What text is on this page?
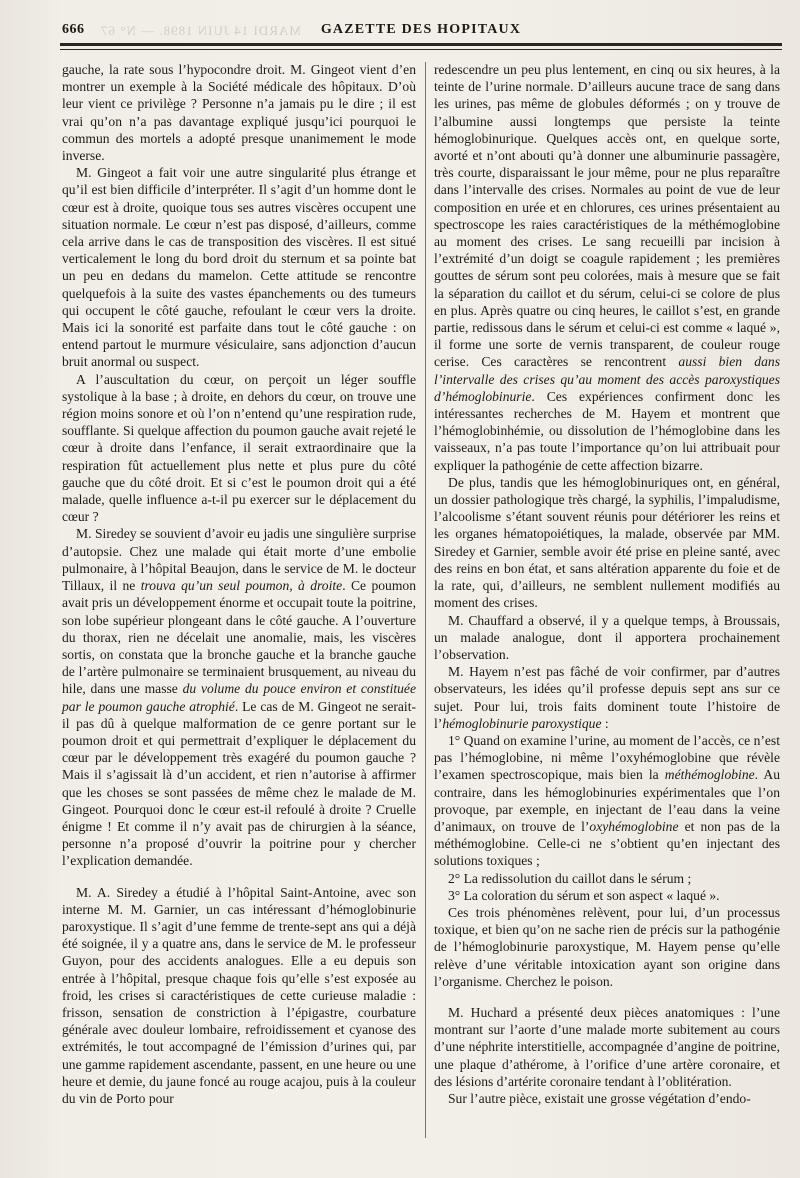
666 MARDI 14 JUIN 1898. — N° 67	GAZETTE DES HOPITAUX

gauche, la rate sous l’hypocondre droit. M. Gingeot vient d’en montrer un exemple à la Société médicale des hôpitaux. D’où leur vient ce privilège ? Personne n’a jamais pu le dire ; il est vrai qu’on n’a pas davantage expliqué jusqu’ici pourquoi le commun des mortels a adopté presque unanimement le mode inverse.

M. Gingeot a fait voir une autre singularité plus étrange et qu’il est bien difficile d’interpréter. Il s’agit d’un homme dont le cœur est à droite, quoique tous ses autres viscères occupent une situation normale. Le cœur n’est pas disposé, d’ailleurs, comme cela arrive dans le cas de transposition des viscères. Il est situé verticalement le long du bord droit du sternum et sa pointe bat un peu en dedans du mamelon. Cette attitude se rencontre quelquefois à la suite des vastes épanchements ou des tumeurs qui occupent le côté gauche, refoulant le cœur vers la droite. Mais ici la sonorité est parfaite dans tout le côté gauche : on entend partout le murmure vésiculaire, sans adjonction d’aucun bruit anormal ou suspect.

A l’auscultation du cœur, on perçoit un léger souffle systolique à la base ; à droite, en dehors du cœur, on trouve une région moins sonore et où l’on n’entend qu’une respiration rude, soufflante. Si quelque affection du poumon gauche avait rejeté le cœur à droite dans l’enfance, il serait extraordinaire que la respiration fût actuellement plus nette et plus pure du côté gauche que du côté droit. Et si c’est le poumon droit qui a été malade, quelle influence a-t-il pu exercer sur le déplacement du cœur ?

M. Siredey se souvient d’avoir eu jadis une singulière surprise d’autopsie. Chez une malade qui était morte d’une embolie pulmonaire, à l’hôpital Beaujon, dans le service de M. le docteur Tillaux, il ne trouva qu’un seul poumon, à droite. Ce poumon avait pris un développement énorme et occupait toute la poitrine, son lobe supérieur plongeant dans le côté gauche. A l’ouverture du thorax, rien ne décelait une anomalie, mais, les viscères sortis, on constata que la bronche gauche et la branche gauche de l’artère pulmonaire se terminaient brusquement, au niveau du hile, dans une masse du volume du pouce environ et constituée par le poumon gauche atrophié. Le cas de M. Gingeot ne serait-il pas dû à quelque malformation de ce genre portant sur le poumon droit et qui permettrait d’expliquer le déplacement du cœur par le développement très exagéré du poumon gauche ? Mais il s’agissait là d’un accident, et rien n’autorise à affirmer que les choses se sont passées de même chez le malade de M. Gingeot. Pourquoi donc le cœur est-il refoulé à droite ? Cruelle énigme ! Et comme il n’y avait pas de chirurgien à la séance, personne n’a proposé d’ouvrir la poitrine pour y chercher l’explication demandée.

M. A. Siredey a étudié à l’hôpital Saint-Antoine, avec son interne M. M. Garnier, un cas intéressant d’hémoglobinurie paroxystique. Il s’agit d’une femme de trente-sept ans qui a déjà été soignée, il y a quatre ans, dans le service de M. le professeur Guyon, pour des accidents analogues. Elle a eu depuis son entrée à l’hôpital, presque chaque fois qu’elle s’est exposée au froid, les crises si caractéristiques de cette curieuse maladie : frisson, sensation de constriction à l’épigastre, courbature générale avec douleur lombaire, refroidissement et cyanose des extrémités, le tout accompagné de l’émission d’urines qui, par une gamme rapidement ascendante, passent, en une heure ou une heure et demie, du jaune foncé au rouge acajou, puis à la couleur du vin de Porto pour

redescendre un peu plus lentement, en cinq ou six heures, à la teinte de l’urine normale. D’ailleurs aucune trace de sang dans les urines, pas même de globules déformés ; on y trouve de l’albumine aussi longtemps que persiste la teinte hémoglobinurique. Quelques accès ont, en quelque sorte, avorté et n’ont abouti qu’à donner une albuminurie passagère, très courte, disparaissant le jour même, pour ne plus reparaître dans l’intervalle des crises. Normales au point de vue de leur composition en urée et en chlorures, ces urines présentaient au spectroscope les raies caractéristiques de la méthémoglobine au moment des crises. Le sang recueilli par incision à l’extrémité d’un doigt se coagule rapidement ; les premières gouttes de sérum sont peu colorées, mais à mesure que se fait la séparation du caillot et du sérum, celui-ci se colore de plus en plus. Après quatre ou cinq heures, le caillot s’est, en grande partie, redissous dans le sérum et celui-ci est comme « laqué », il forme une sorte de vernis transparent, de couleur rouge cerise. Ces caractères se rencontrent aussi bien dans l’intervalle des crises qu’au moment des accès paroxystiques d’hémoglobinurie. Ces expériences confirment donc les intéressantes recherches de M. Hayem et montrent que l’hémoglobinhémie, ou dissolution de l’hémoglobine dans les vaisseaux, n’a pas toute l’importance qu’on lui attribuait pour expliquer la pathogénie de cette affection bizarre.

De plus, tandis que les hémoglobinuriques ont, en général, un dossier pathologique très chargé, la syphilis, l’impaludisme, l’alcoolisme s’étant souvent réunis pour détériorer les reins et les organes hématopoiétiques, la malade, observée par MM. Siredey et Garnier, semble avoir été prise en pleine santé, avec des reins en bon état, et sans altération apparente du foie et de la rate, qui, d’ailleurs, ne semblent nullement modifiés au moment des crises.

M. Chauffard a observé, il y a quelque temps, à Broussais, un malade analogue, dont il apportera prochainement l’observation.

M. Hayem n’est pas fâché de voir confirmer, par d’autres observateurs, les idées qu’il professe depuis sept ans sur ce sujet. Pour lui, trois faits dominent toute l’histoire de l’hémoglobinurie paroxystique :

1° Quand on examine l’urine, au moment de l’accès, ce n’est pas l’hémoglobine, ni même l’oxyhémoglobine que révèle l’examen spectroscopique, mais bien la méthémoglobine. Au contraire, dans les hémoglobinuries expérimentales que l’on provoque, par exemple, en injectant de l’eau dans la veine d’animaux, on trouve de l’oxyhémoglobine et non pas de la méthémoglobine. Celle-ci ne s’obtient qu’en injectant des solutions toxiques ;

2° La redissolution du caillot dans le sérum ;

3° La coloration du sérum et son aspect « laqué ».

Ces trois phénomènes relèvent, pour lui, d’un processus toxique, et bien qu’on ne sache rien de précis sur la pathogénie de l’hémoglobinurie paroxystique, M. Hayem pense qu’elle relève d’une véritable intoxication ayant son origine dans l’organisme. Cherchez le poison.

M. Huchard a présenté deux pièces anatomiques : l’une montrant sur l’aorte d’une malade morte subitement au cours d’une néphrite interstitielle, accompagnée d’angine de poitrine, une plaque d’athérome, à l’orifice d’une artère coronaire, et des lésions d’artérite coronaire tendant à l’oblitération.

Sur l’autre pièce, existait une grosse végétation d’endo-
